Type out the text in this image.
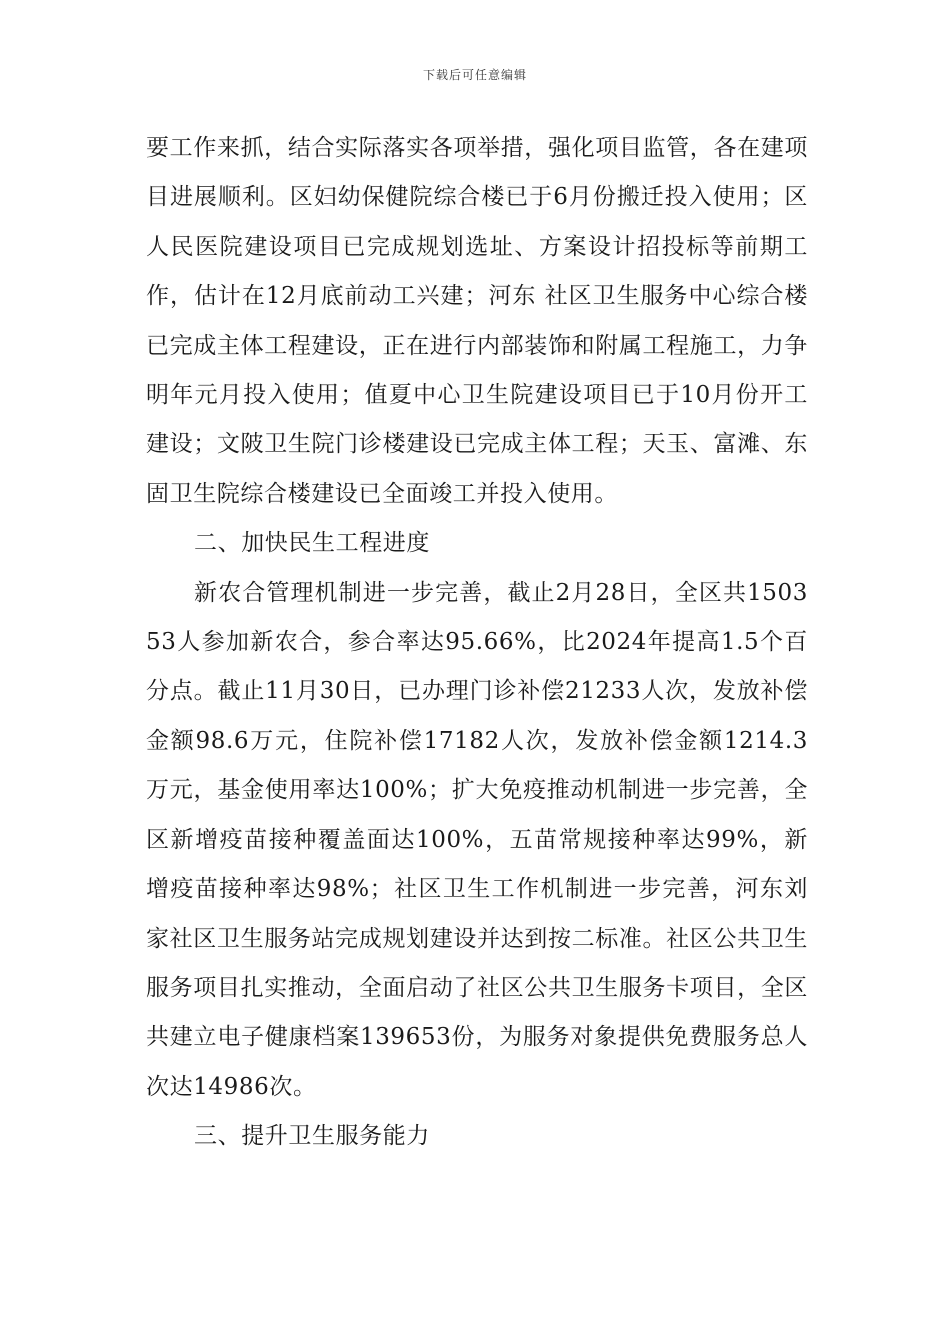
下载后可任意编辑

要工作来抓，结合实际落实各项举措，强化项目监管，各在建项目进展顺利。区妇幼保健院综合楼已于6月份搬迁投入使用；区人民医院建设项目已完成规划选址、方案设计招投标等前期工作，估计在12月底前动工兴建；河东 社区卫生服务中心综合楼已完成主体工程建设，正在进行内部装饰和附属工程施工，力争明年元月投入使用；值夏中心卫生院建设项目已于10月份开工建设；文陂卫生院门诊楼建设已完成主体工程；天玉、富滩、东固卫生院综合楼建设已全面竣工并投入使用。

二、加快民生工程进度

新农合管理机制进一步完善，截止2月28日，全区共150353人参加新农合，参合率达95.66%，比2024年提高1.5个百分点。截止11月30日，已办理门诊补偿21233人次，发放补偿金额98.6万元，住院补偿17182人次，发放补偿金额1214.3万元，基金使用率达100%；扩大免疫推动机制进一步完善，全区新增疫苗接种覆盖面达100%，五苗常规接种率达99%，新增疫苗接种率达98%；社区卫生工作机制进一步完善，河东刘家社区卫生服务站完成规划建设并达到按二标准。社区公共卫生服务项目扎实推动，全面启动了社区公共卫生服务卡项目，全区共建立电子健康档案139653份，为服务对象提供免费服务总人次达14986次。

三、提升卫生服务能力
